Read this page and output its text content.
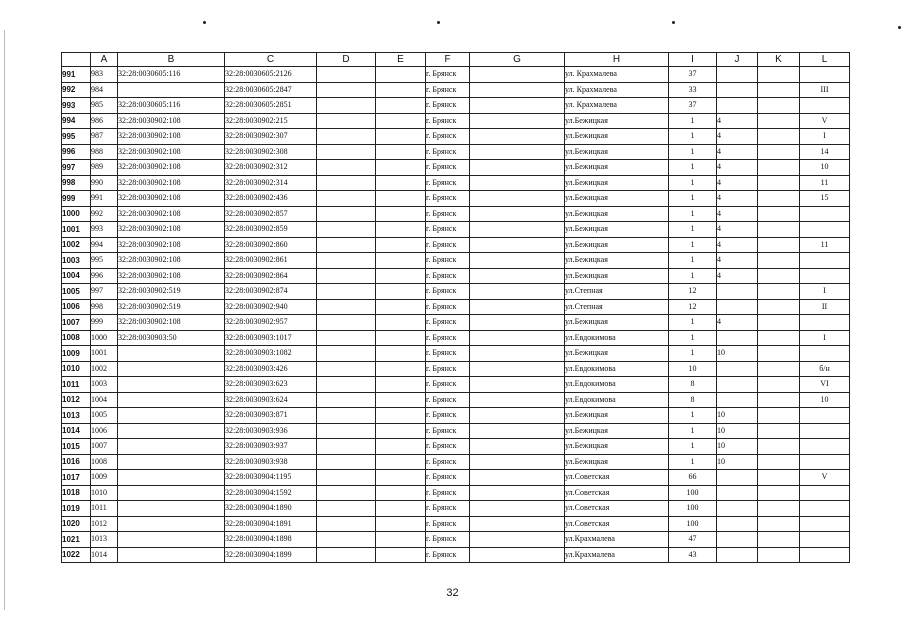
	A	B	C	D	E	F	G	H	I	J	K	L
991	983	32:28:0030605:116	32:28:0030605:2126			г. Брянск		ул. Крахмалева	37			
992	984		32:28:0030605:2847			г. Брянск		ул. Крахмалева	33			III
993	985	32:28:0030605:116	32:28:0030605:2851			г. Брянск		ул. Крахмалева	37			
994	986	32:28:0030902:108	32:28:0030902:215			г. Брянск		ул.Бежицкая	1	4		V
995	987	32:28:0030902:108	32:28:0030902:307			г. Брянск		ул.Бежицкая	1	4		I
996	988	32:28:0030902:108	32:28:0030902:308			г. Брянск		ул.Бежицкая	1	4		14
997	989	32:28:0030902:108	32:28:0030902:312			г. Брянск		ул.Бежицкая	1	4		10
998	990	32:28:0030902:108	32:28:0030902:314			г. Брянск		ул.Бежицкая	1	4		11
999	991	32:28:0030902:108	32:28:0030902:436			г. Брянск		ул.Бежицкая	1	4		15
1000	992	32:28:0030902:108	32:28:0030902:857			г. Брянск		ул.Бежицкая	1	4		
1001	993	32:28:0030902:108	32:28:0030902:859			г. Брянск		ул.Бежицкая	1	4		
1002	994	32:28:0030902:108	32:28:0030902:860			г. Брянск		ул.Бежицкая	1	4		11
1003	995	32:28:0030902:108	32:28:0030902:861			г. Брянск		ул.Бежицкая	1	4		
1004	996	32:28:0030902:108	32:28:0030902:864			г. Брянск		ул.Бежицкая	1	4		
1005	997	32:28:0030902:519	32:28:0030902:874			г. Брянск		ул.Степная	12			I
1006	998	32:28:0030902:519	32:28:0030902:940			г. Брянск		ул.Степная	12			II
1007	999	32:28:0030902:108	32:28:0030902:957			г. Брянск		ул.Бежицкая	1	4		
1008	1000	32:28:0030903:50	32:28:0030903:1017			г. Брянск		ул.Евдокимова	1			I
1009	1001		32:28:0030903:1082			г. Брянск		ул.Бежицкая	1	10		
1010	1002		32:28:0030903:426			г. Брянск		ул.Евдокимова	10			б/н
1011	1003		32:28:0030903:623			г. Брянск		ул.Евдокимова	8			VI
1012	1004		32:28:0030903:624			г. Брянск		ул.Евдокимова	8			10
1013	1005		32:28:0030903:871			г. Брянск		ул.Бежицкая	1	10		
1014	1006		32:28:0030903:936			г. Брянск		ул.Бежицкая	1	10		
1015	1007		32:28:0030903:937			г. Брянск		ул.Бежицкая	1	10		
1016	1008		32:28:0030903:938			г. Брянск		ул.Бежицкая	1	10		
1017	1009		32:28:0030904:1195			г. Брянск		ул.Советская	66			V
1018	1010		32:28:0030904:1592			г. Брянск		ул.Советская	100			
1019	1011		32:28:0030904:1890			г. Брянск		ул.Советская	100			
1020	1012		32:28:0030904:1891			г. Брянск		ул.Советская	100			
1021	1013		32:28:0030904:1898			г. Брянск		ул.Крахмалева	47			
1022	1014		32:28:0030904:1899			г. Брянск		ул.Крахмалева	43			
32
